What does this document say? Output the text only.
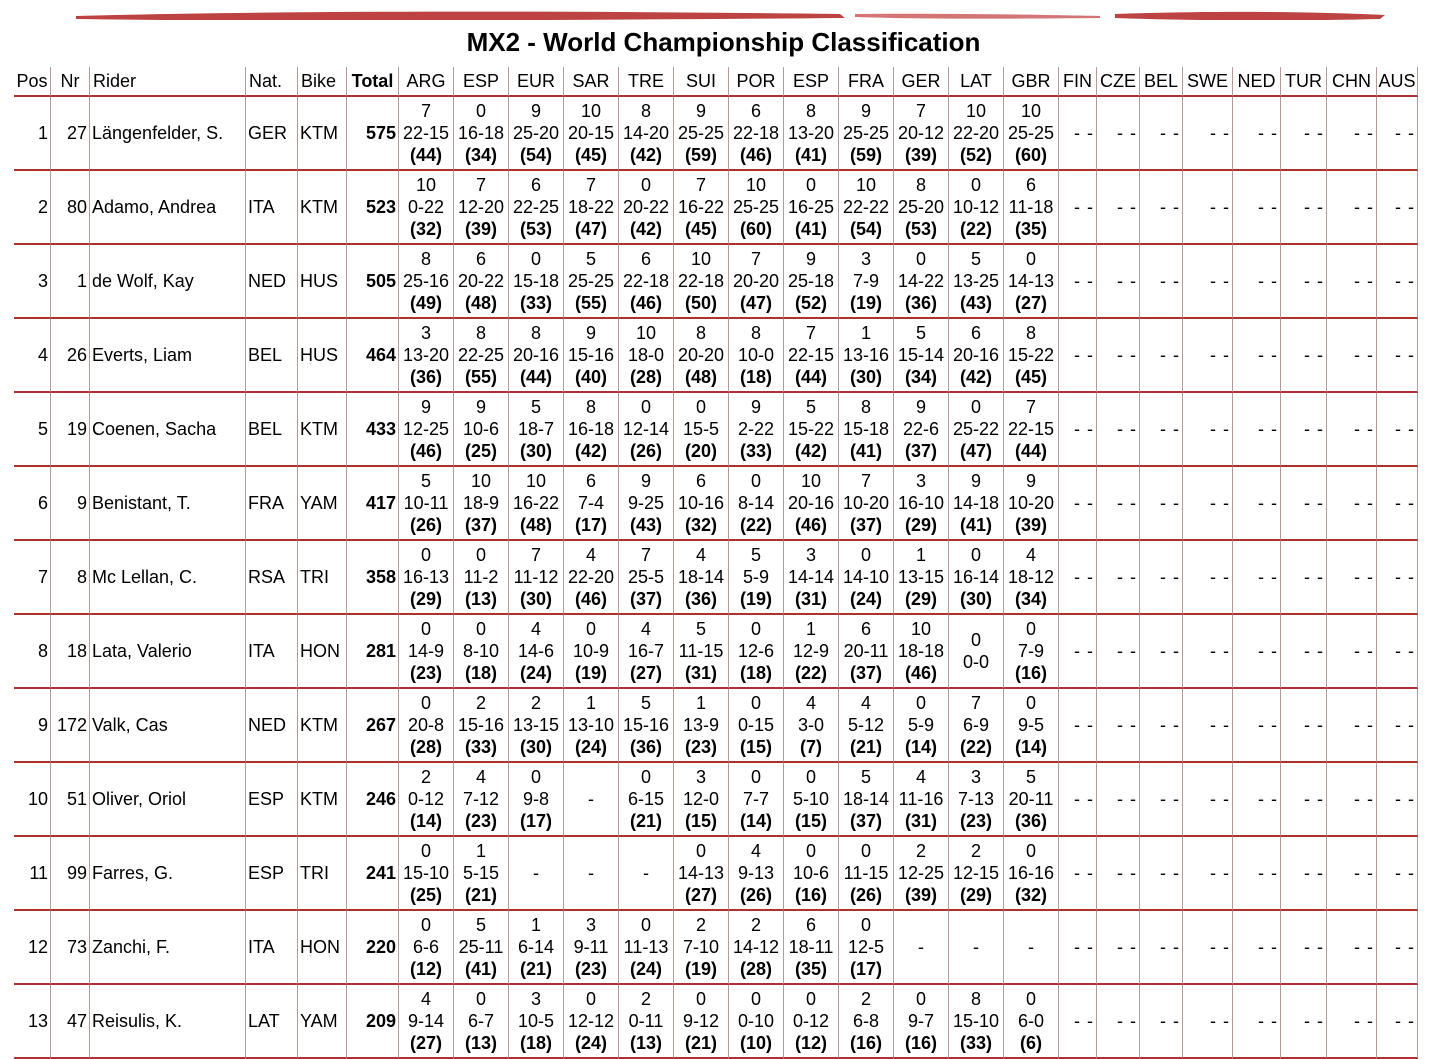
MX2 - World Championship Classification
Pos	Nr	Rider	Nat.	Bike	Total	ARG	ESP	EUR	SAR	TRE	SUI	POR	ESP	FRA	GER	LAT	GBR	FIN	CZE	BEL	SWE	NED	TUR	CHN	AUS
1	27	Längenfelder, S.	GER	KTM	575	7
22-15
(44)	0
16-18
(34)	9
25-20
(54)	10
20-15
(45)	8
14-20
(42)	9
25-25
(59)	6
22-18
(46)	8
13-20
(41)	9
25-25
(59)	7
20-12
(39)	10
22-20
(52)	10
25-25
(60)	- -	- -	- -	- -	- -	- -	- -	- -
2	80	Adamo, Andrea	ITA	KTM	523	10
0-22
(32)	7
12-20
(39)	6
22-25
(53)	7
18-22
(47)	0
20-22
(42)	7
16-22
(45)	10
25-25
(60)	0
16-25
(41)	10
22-22
(54)	8
25-20
(53)	0
10-12
(22)	6
11-18
(35)	- -	- -	- -	- -	- -	- -	- -	- -
3	1	de Wolf, Kay	NED	HUS	505	8
25-16
(49)	6
20-22
(48)	0
15-18
(33)	5
25-25
(55)	6
22-18
(46)	10
22-18
(50)	7
20-20
(47)	9
25-18
(52)	3
7-9
(19)	0
14-22
(36)	5
13-25
(43)	0
14-13
(27)	- -	- -	- -	- -	- -	- -	- -	- -
4	26	Everts, Liam	BEL	HUS	464	3
13-20
(36)	8
22-25
(55)	8
20-16
(44)	9
15-16
(40)	10
18-0
(28)	8
20-20
(48)	8
10-0
(18)	7
22-15
(44)	1
13-16
(30)	5
15-14
(34)	6
20-16
(42)	8
15-22
(45)	- -	- -	- -	- -	- -	- -	- -	- -
5	19	Coenen, Sacha	BEL	KTM	433	9
12-25
(46)	9
10-6
(25)	5
18-7
(30)	8
16-18
(42)	0
12-14
(26)	0
15-5
(20)	9
2-22
(33)	5
15-22
(42)	8
15-18
(41)	9
22-6
(37)	0
25-22
(47)	7
22-15
(44)	- -	- -	- -	- -	- -	- -	- -	- -
6	9	Benistant, T.	FRA	YAM	417	5
10-11
(26)	10
18-9
(37)	10
16-22
(48)	6
7-4
(17)	9
9-25
(43)	6
10-16
(32)	0
8-14
(22)	10
20-16
(46)	7
10-20
(37)	3
16-10
(29)	9
14-18
(41)	9
10-20
(39)	- -	- -	- -	- -	- -	- -	- -	- -
7	8	Mc Lellan, C.	RSA	TRI	358	0
16-13
(29)	0
11-2
(13)	7
11-12
(30)	4
22-20
(46)	7
25-5
(37)	4
18-14
(36)	5
5-9
(19)	3
14-14
(31)	0
14-10
(24)	1
13-15
(29)	0
16-14
(30)	4
18-12
(34)	- -	- -	- -	- -	- -	- -	- -	- -
8	18	Lata, Valerio	ITA	HON	281	0
14-9
(23)	0
8-10
(18)	4
14-6
(24)	0
10-9
(19)	4
16-7
(27)	5
11-15
(31)	0
12-6
(18)	1
12-9
(22)	6
20-11
(37)	10
18-18
(46)	0
0-0	0
7-9
(16)	- -	- -	- -	- -	- -	- -	- -	- -
9	172	Valk, Cas	NED	KTM	267	0
20-8
(28)	2
15-16
(33)	2
13-15
(30)	1
13-10
(24)	5
15-16
(36)	1
13-9
(23)	0
0-15
(15)	4
3-0
(7)	4
5-12
(21)	0
5-9
(14)	7
6-9
(22)	0
9-5
(14)	- -	- -	- -	- -	- -	- -	- -	- -
10	51	Oliver, Oriol	ESP	KTM	246	2
0-12
(14)	4
7-12
(23)	0
9-8
(17)	-	0
6-15
(21)	3
12-0
(15)	0
7-7
(14)	0
5-10
(15)	5
18-14
(37)	4
11-16
(31)	3
7-13
(23)	5
20-11
(36)	- -	- -	- -	- -	- -	- -	- -	- -
11	99	Farres, G.	ESP	TRI	241	0
15-10
(25)	1
5-15
(21)	-	-	-	0
14-13
(27)	4
9-13
(26)	0
10-6
(16)	0
11-15
(26)	2
12-25
(39)	2
12-15
(29)	0
16-16
(32)	- -	- -	- -	- -	- -	- -	- -	- -
12	73	Zanchi, F.	ITA	HON	220	0
6-6
(12)	5
25-11
(41)	1
6-14
(21)	3
9-11
(23)	0
11-13
(24)	2
7-10
(19)	2
14-12
(28)	6
18-11
(35)	0
12-5
(17)	-	-	-	- -	- -	- -	- -	- -	- -	- -	- -
13	47	Reisulis, K.	LAT	YAM	209	4
9-14
(27)	0
6-7
(13)	3
10-5
(18)	0
12-12
(24)	2
0-11
(13)	0
9-12
(21)	0
0-10
(10)	0
0-12
(12)	2
6-8
(16)	0
9-7
(16)	8
15-10
(33)	0
6-0
(6)	- -	- -	- -	- -	- -	- -	- -	- -
